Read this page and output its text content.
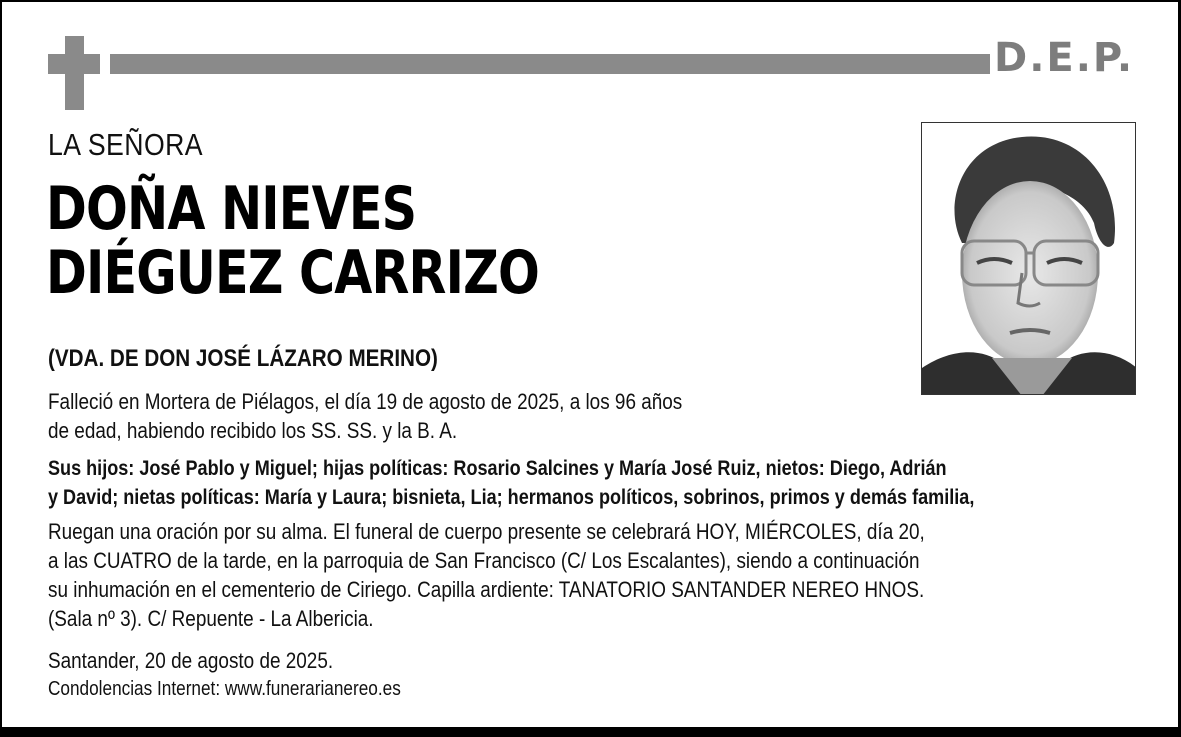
D.E.P.
LA SEÑORA
DOÑA NIEVES
DIÉGUEZ CARRIZO
(VDA. DE DON JOSÉ LÁZARO MERINO)
Falleció en Mortera de Piélagos, el día 19 de agosto de 2025, a los 96 años
de edad, habiendo recibido los SS. SS. y la B. A.
Sus hijos: José Pablo y Miguel; hijas políticas: Rosario Salcines y María José Ruiz, nietos: Diego, Adrián
y David; nietas políticas: María y Laura; bisnieta, Lia; hermanos políticos, sobrinos, primos y demás familia,
Ruegan una oración por su alma. El funeral de cuerpo presente se celebrará HOY, MIÉRCOLES, día 20,
a las CUATRO de la tarde, en la parroquia de San Francisco (C/ Los Escalantes), siendo a continuación
su inhumación en el cementerio de Ciriego. Capilla ardiente: TANATORIO SANTANDER NEREO HNOS.
(Sala nº 3). C/ Repuente - La Albericia.
Santander, 20 de agosto de 2025.
Condolencias Internet: www.funerarianereo.es
